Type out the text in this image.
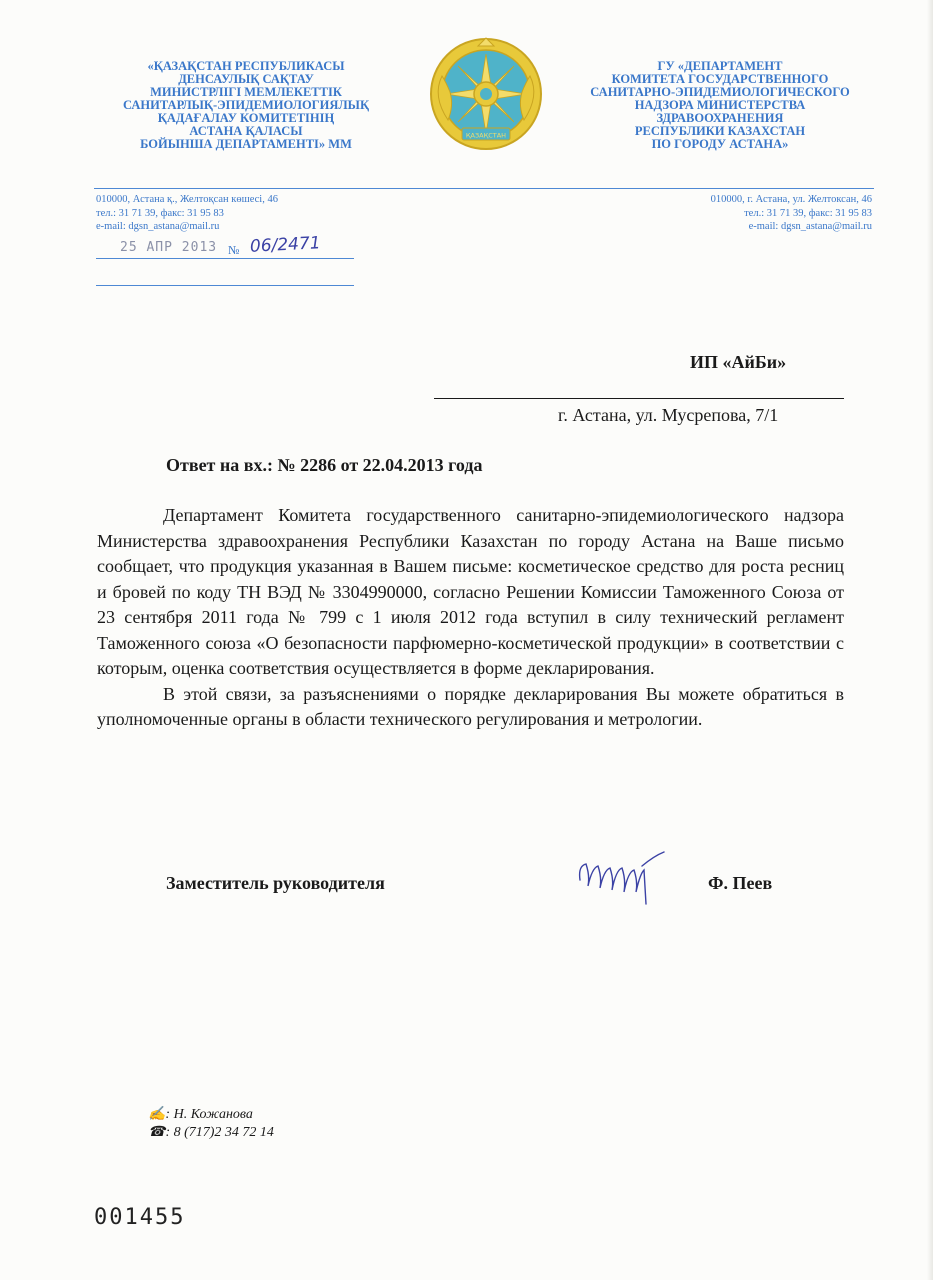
«ҚАЗАҚСТАН РЕСПУБЛИКАСЫ
ДЕНСАУЛЫҚ САҚТАУ
МИНИСТРЛІГІ МЕМЛЕКЕТТІК
САНИТАРЛЫҚ-ЭПИДЕМИОЛОГИЯЛЫҚ
ҚАДАҒАЛАУ КОМИТЕТІНІҢ
АСТАНА ҚАЛАСЫ
БОЙЫНША ДЕПАРТАМЕНТІ» ММ
ҚАЗАҚСТАН
ГУ «ДЕПАРТАМЕНТ
КОМИТЕТА ГОСУДАРСТВЕННОГО
САНИТАРНО-ЭПИДЕМИОЛОГИЧЕСКОГО
НАДЗОРА МИНИСТЕРСТВА
ЗДРАВООХРАНЕНИЯ
РЕСПУБЛИКИ КАЗАХСТАН
ПО ГОРОДУ АСТАНА»
010000, Астана қ., Желтоқсан көшесі, 46
тел.: 31 71 39, факс: 31 95 83
e-mail: dgsn_astana@mail.ru
010000, г. Астана, ул. Желтоксан, 46
тел.: 31 71 39, факс: 31 95 83
e-mail: dgsn_astana@mail.ru
25 АПР 2013 № 06/2471
ИП «АйБи»
г. Астана, ул. Мусрепова, 7/1
Ответ на вх.: № 2286 от 22.04.2013 года

Департамент Комитета государственного санитарно-эпидемиологического надзора Министерства здравоохранения Республики Казахстан по городу Астана на Ваше письмо сообщает, что продукция указанная в Вашем письме: косметическое средство для роста ресниц и бровей по коду ТН ВЭД № 3304990000, согласно Решении Комиссии Таможенного Союза от 23 сентября 2011 года № 799 с 1 июля 2012 года вступил в силу технический регламент Таможенного союза «О безопасности парфюмерно-косметической продукции» в соответствии с которым, оценка соответствия осуществляется в форме декларирования.

В этой связи, за разъяснениями о порядке декларирования Вы можете обратиться в уполномоченные органы в области технического регулирования и метрологии.

Заместитель руководителя	Ф. Пеев
✍: Н. Кожанова
☎: 8 (717)2 34 72 14
001455
